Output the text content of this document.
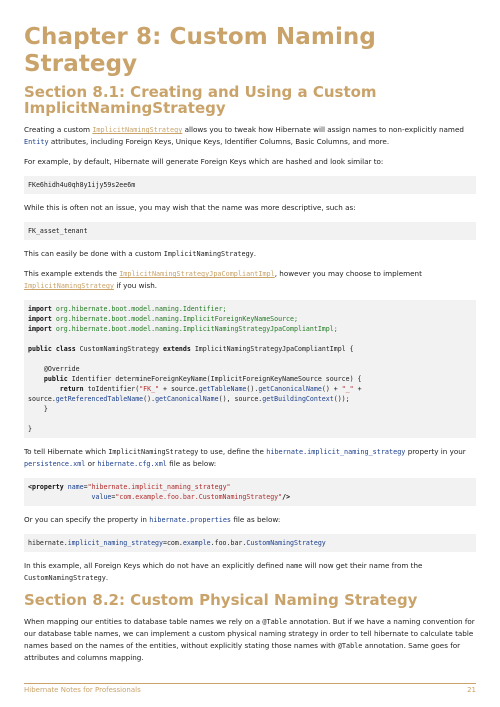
Chapter 8: Custom Naming Strategy
Section 8.1: Creating and Using a Custom ImplicitNamingStrategy

Creating a custom ImplicitNamingStrategy allows you to tweak how Hibernate will assign names to non-explicitly named Entity attributes, including Foreign Keys, Unique Keys, Identifier Columns, Basic Columns, and more.

For example, by default, Hibernate will generate Foreign Keys which are hashed and look similar to:

FKe6hidh4u0qh8y1ijy59s2ee6m

While this is often not an issue, you may wish that the name was more descriptive, such as:

FK_asset_tenant

This can easily be done with a custom ImplicitNamingStrategy.

This example extends the ImplicitNamingStrategyJpaCompliantImpl, however you may choose to implement ImplicitNamingStrategy if you wish.

import org.hibernate.boot.model.naming.Identifier;
import org.hibernate.boot.model.naming.ImplicitForeignKeyNameSource;
import org.hibernate.boot.model.naming.ImplicitNamingStrategyJpaCompliantImpl;

public class CustomNamingStrategy extends ImplicitNamingStrategyJpaCompliantImpl {

@Override
public Identifier determineForeignKeyName(ImplicitForeignKeyNameSource source) {
return toIdentifier("FK_" + source.getTableName().getCanonicalName() + "_" +
source.getReferencedTableName().getCanonicalName(), source.getBuildingContext());
}

}

To tell Hibernate which ImplicitNamingStrategy to use, define the hibernate.implicit_naming_strategy property in your persistence.xml or hibernate.cfg.xml file as below:

<property name="hibernate.implicit_naming_strategy"
value="com.example.foo.bar.CustomNamingStrategy"/>

Or you can specify the property in hibernate.properties file as below:

hibernate.implicit_naming_strategy=com.example.foo.bar.CustomNamingStrategy

In this example, all Foreign Keys which do not have an explicitly defined name will now get their name from the CustomNamingStrategy.

Section 8.2: Custom Physical Naming Strategy

When mapping our entities to database table names we rely on a @Table annotation. But if we have a naming convention for our database table names, we can implement a custom physical naming strategy in order to tell hibernate to calculate table names based on the names of the entities, without explicitly stating those names with @Table annotation. Same goes for attributes and columns mapping.

Hibernate Notes for Professionals	21
